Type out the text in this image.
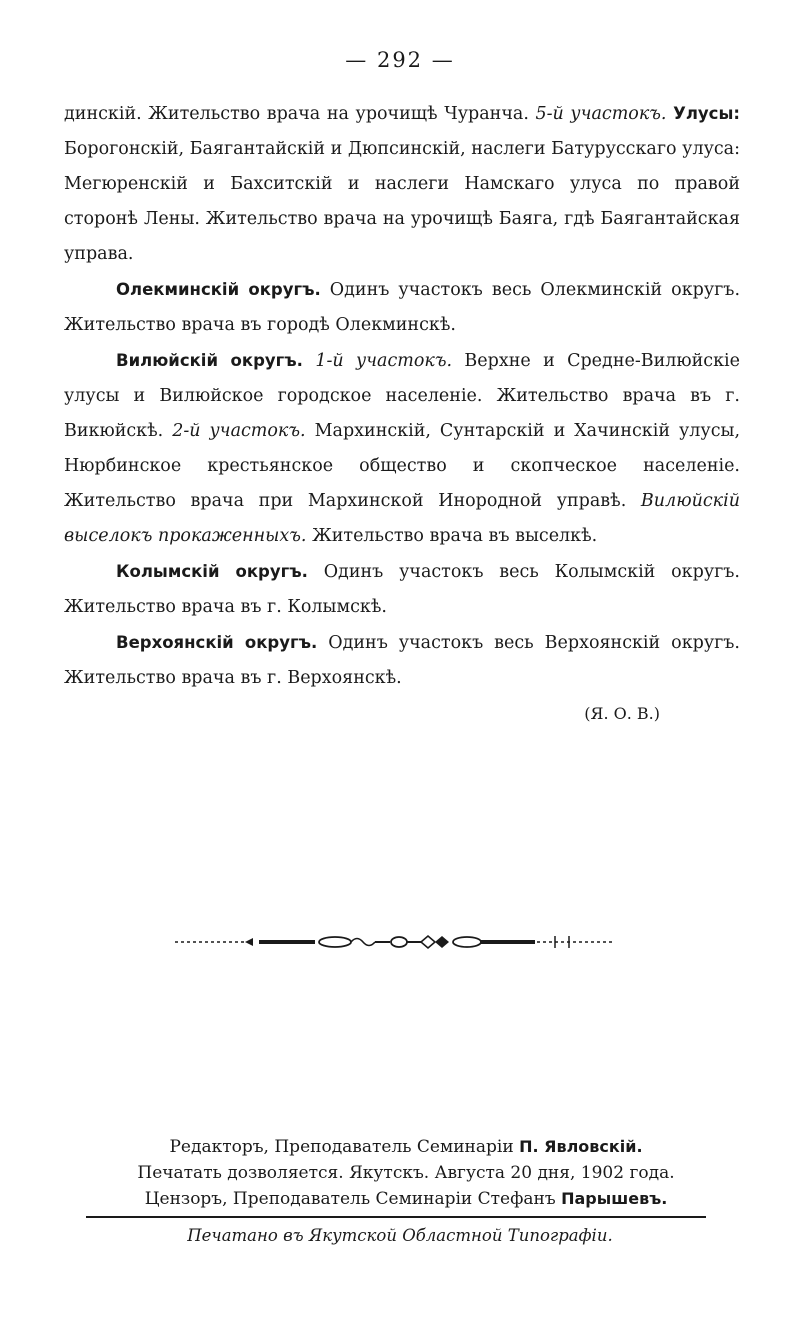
— 292 —

динскій. Жительство врача на урочищѣ Чуранча. 5-й участокъ. Улусы: Борогонскій, Баягантайскій и Дюпсинскій, наслеги Батурусскаго улуса: Мегюренскій и Бахситскій и наслеги Намскаго улуса по правой сторонѣ Лены. Жительство врача на урочищѣ Баяга, гдѣ Баягантайская управа.

Олекминскій округъ. Одинъ участокъ весь Олекминскій округъ. Жительство врача въ городѣ Олекминскѣ.

Вилюйскій округъ. 1-й участокъ. Верхне и Средне-Вилюйскіе улусы и Вилюйское городское населеніе. Жительство врача въ г. Викюйскѣ. 2-й участокъ. Мархинскій, Сунтарскій и Хачинскій улусы, Нюрбинское крестьянское общество и скопческое населеніе. Жительство врача при Мархинской Инородной управѣ. Вилюйскій выселокъ прокаженныхъ. Жительство врача въ выселкѣ.

Колымскій округъ. Одинъ участокъ весь Колымскій округъ. Жительство врача въ г. Колымскѣ.

Верхоянскій округъ. Одинъ участокъ весь Верхоянскій округъ. Жительство врача въ г. Верхоянскѣ.

(Я. О. В.)

Редакторъ, Преподаватель Семинаріи П. Явловскій.
Печатать дозволяется. Якутскъ. Августа 20 дня, 1902 года.
Цензоръ, Преподаватель Семинаріи Стефанъ Парышевъ.
Печатано въ Якутской Областной Типографіи.
